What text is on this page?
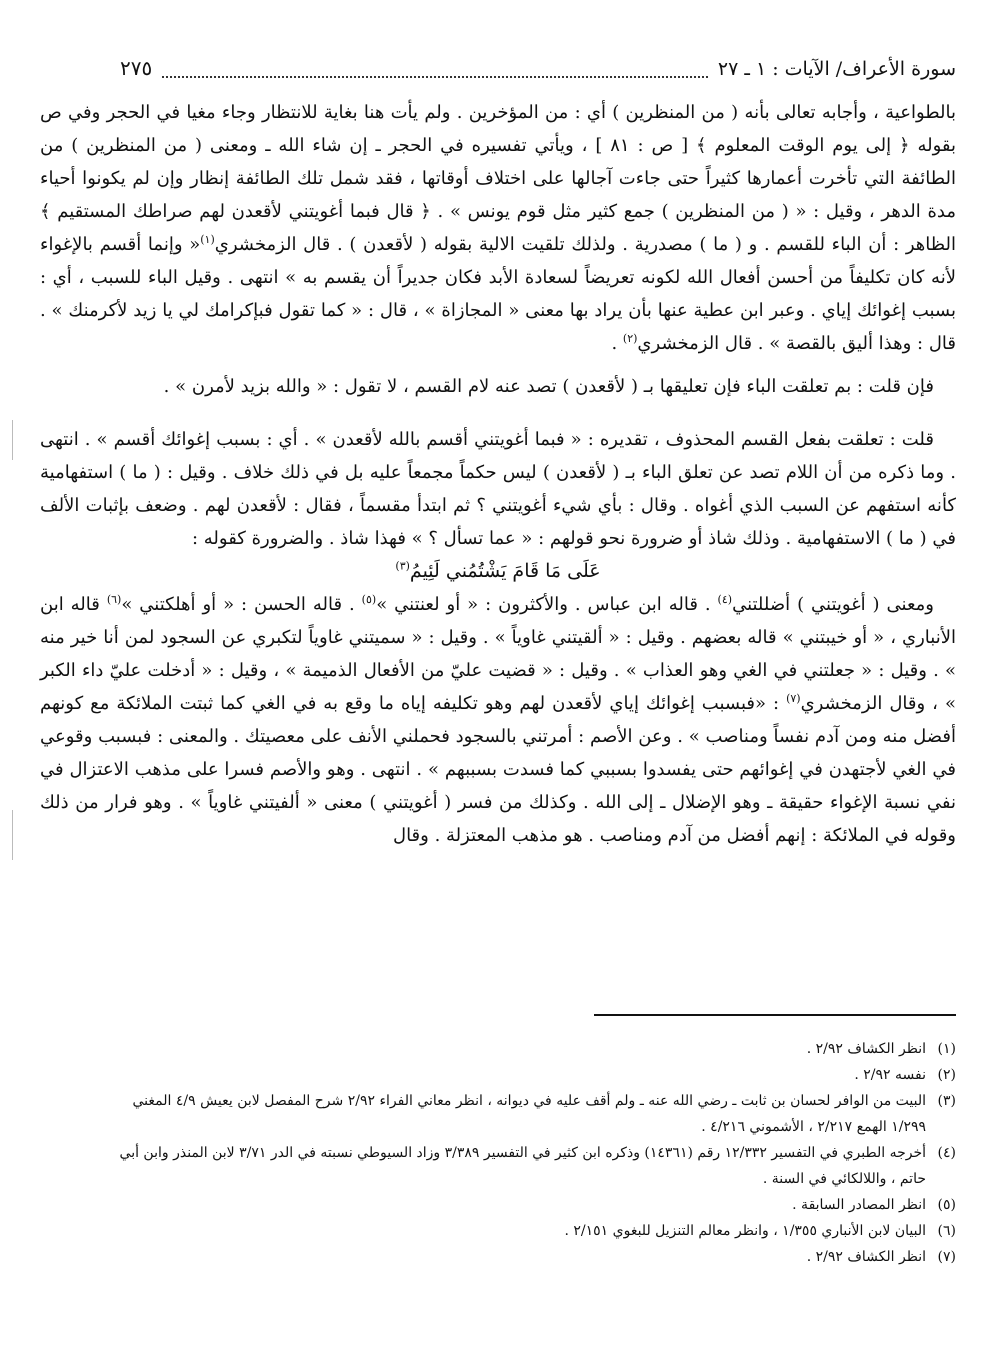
سورة الأعراف/ الآيات : ١ ـ ٢٧
٢٧٥

بالطواعية ، وأجابه تعالى بأنه ( من المنظرين ) أي : من المؤخرين . ولم يأت هنا بغاية للانتظار وجاء مغيا في الحجر وفي ص بقوله ﴿ إلى يوم الوقت المعلوم ﴾ [ ص : ٨١ ] ، ويأتي تفسيره في الحجر ـ إن شاء الله ـ ومعنى ( من المنظرين ) من الطائفة التي تأخرت أعمارها كثيراً حتى جاءت آجالها على اختلاف أوقاتها ، فقد شمل تلك الطائفة إنظار وإن لم يكونوا أحياء مدة الدهر ، وقيل : « ( من المنظرين ) جمع كثير مثل قوم يونس » . ﴿ قال فبما أغويتني لأقعدن لهم صراطك المستقيم ﴾ الظاهر : أن الباء للقسم . و ( ما ) مصدرية . ولذلك تلقيت الالية بقوله ( لأقعدن ) . قال الزمخشري$^{(١)}$« وإنما أقسم بالإغواء لأنه كان تكليفاً من أحسن أفعال الله لكونه تعريضاً لسعادة الأبد فكان جديراً أن يقسم به » انتهى . وقيل الباء للسبب ، أي : بسبب إغوائك إياي . وعبر ابن عطية عنها بأن يراد بها معنى « المجازاة » ، قال : « كما تقول فبإكرامك لي يا زيد لأكرمنك » . قال : وهذا أليق بالقصة » . قال الزمخشري$^{(٢)}$ .

فإن قلت : بم تعلقت الباء فإن تعليقها بـ ( لأقعدن ) تصد عنه لام القسم ، لا تقول : « والله بزيد لأمرن » .

قلت : تعلقت بفعل القسم المحذوف ، تقديره : « فبما أغويتني أقسم بالله لأقعدن » . أي : بسبب إغوائك أقسم » . انتهى . وما ذكره من أن اللام تصد عن تعلق الباء بـ ( لأقعدن ) ليس حكماً مجمعاً عليه بل في ذلك خلاف . وقيل : ( ما ) استفهامية كأنه استفهم عن السبب الذي أغواه . وقال : بأي شيء أغويتني ؟ ثم ابتدأ مقسماً ، فقال : لأقعدن لهم . وضعف بإثبات الألف في ( ما ) الاستفهامية . وذلك شاذ أو ضرورة نحو قولهم : « عما تسأل ؟ » فهذا شاذ . والضرورة كقوله :

عَلَى مَا قَامَ يَشْتُمُني لَئِيمُ$^{(٣)}$

ومعنى ( أغويتني ) أضللتني$^{(٤)}$ . قاله ابن عباس . والأكثرون : « أو لعنتني »$^{(٥)}$ . قاله الحسن : « أو أهلكتني »$^{(٦)}$ قاله ابن الأنباري ، « أو خيبتني » قاله بعضهم . وقيل : « ألقيتني غاوياً » . وقيل : « سميتني غاوياً لتكبري عن السجود لمن أنا خير منه » . وقيل : « جعلتني في الغي وهو العذاب » . وقيل : « قضيت عليّ من الأفعال الذميمة » ، وقيل : « أدخلت عليّ داء الكبر » ، وقال الزمخشري$^{(٧)}$ : «فبسبب إغوائك إياي لأقعدن لهم وهو تكليفه إياه ما وقع به في الغي كما ثبتت الملائكة مع كونهم أفضل منه ومن آدم نفساً ومناصب » . وعن الأصم : أمرتني بالسجود فحملني الأنف على معصيتك . والمعنى : فبسبب وقوعي في الغي لأجتهدن في إغوائهم حتى يفسدوا بسببي كما فسدت بسببهم » . انتهى . وهو والأصم فسرا على مذهب الاعتزال في نفي نسبة الإغواء حقيقة ـ وهو الإضلال ـ إلى الله . وكذلك من فسر ( أغويتني ) معنى « ألفيتني غاوياً » . وهو فرار من ذلك وقوله في الملائكة : إنهم أفضل من آدم ومناصب . هو مذهب المعتزلة . وقال

(١)
انظر الكشاف ٢/٩٢ .
(٢)
نفسه ٢/٩٢ .
(٣)
البيت من الوافر لحسان بن ثابت ـ رضي الله عنه ـ ولم أقف عليه في ديوانه ، انظر معاني الفراء ٢/٩٢ شرح المفصل لابن يعيش ٤/٩ المغني ١/٢٩٩ الهمع ٢/٢١٧ ، الأشموني ٤/٢١٦ .
(٤)
أخرجه الطبري في التفسير ١٢/٣٣٢ رقم (١٤٣٦١) وذكره ابن كثير في التفسير ٣/٣٨٩ وزاد السيوطي نسبته في الدر ٣/٧١ لابن المنذر وابن أبي حاتم ، واللالكائي في السنة .
(٥)
انظر المصادر السابقة .
(٦)
البيان لابن الأنباري ١/٣٥٥ ، وانظر معالم التنزيل للبغوي ٢/١٥١ .
(٧)
انظر الكشاف ٢/٩٢ .
